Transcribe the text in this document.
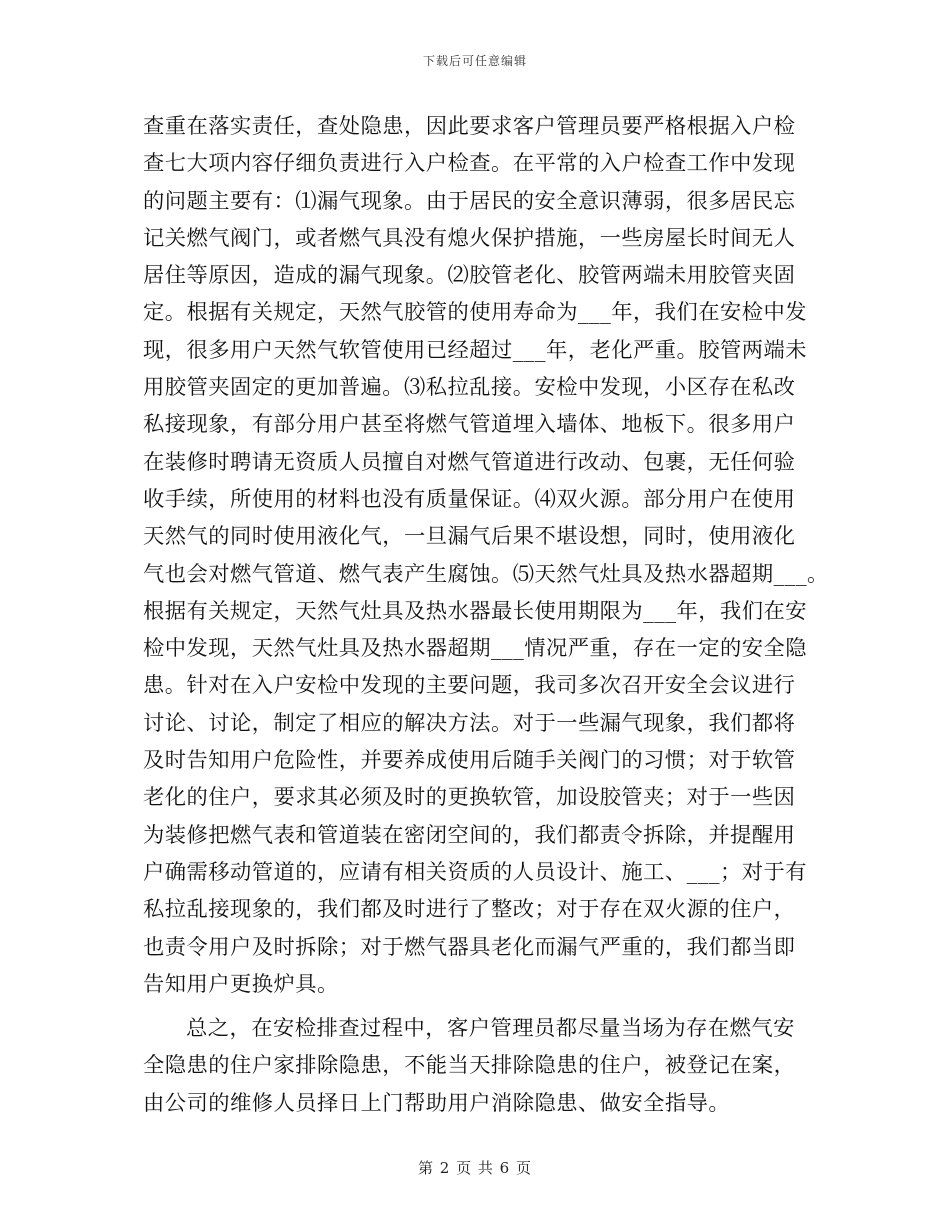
下载后可任意编辑
查重在落实责任，查处隐患，因此要求客户管理员要严格根据入户检
查七大项内容仔细负责进行入户检查。在平常的入户检查工作中发现
的问题主要有：⑴漏气现象。由于居民的安全意识薄弱，很多居民忘
记关燃气阀门，或者燃气具没有熄火保护措施，一些房屋长时间无人
居住等原因，造成的漏气现象。⑵胶管老化、胶管两端未用胶管夹固
定。根据有关规定，天然气胶管的使用寿命为___年，我们在安检中发
现，很多用户天然气软管使用已经超过___年，老化严重。胶管两端未
用胶管夹固定的更加普遍。⑶私拉乱接。安检中发现，小区存在私改
私接现象，有部分用户甚至将燃气管道埋入墙体、地板下。很多用户
在装修时聘请无资质人员擅自对燃气管道进行改动、包裹，无任何验
收手续，所使用的材料也没有质量保证。⑷双火源。部分用户在使用
天然气的同时使用液化气，一旦漏气后果不堪设想，同时，使用液化
气也会对燃气管道、燃气表产生腐蚀。⑸天然气灶具及热水器超期___。
根据有关规定，天然气灶具及热水器最长使用期限为___年，我们在安
检中发现，天然气灶具及热水器超期___情况严重，存在一定的安全隐
患。针对在入户安检中发现的主要问题，我司多次召开安全会议进行
讨论、讨论，制定了相应的解决方法。对于一些漏气现象，我们都将
及时告知用户危险性，并要养成使用后随手关阀门的习惯；对于软管
老化的住户，要求其必须及时的更换软管，加设胶管夹；对于一些因
为装修把燃气表和管道装在密闭空间的，我们都责令拆除，并提醒用
户确需移动管道的，应请有相关资质的人员设计、施工、___；对于有
私拉乱接现象的，我们都及时进行了整改；对于存在双火源的住户，
也责令用户及时拆除；对于燃气器具老化而漏气严重的，我们都当即
告知用户更换炉具。
总之，在安检排查过程中，客户管理员都尽量当场为存在燃气安
全隐患的住户家排除隐患，不能当天排除隐患的住户，被登记在案，
由公司的维修人员择日上门帮助用户消除隐患、做安全指导。
第 2 页 共 6 页
